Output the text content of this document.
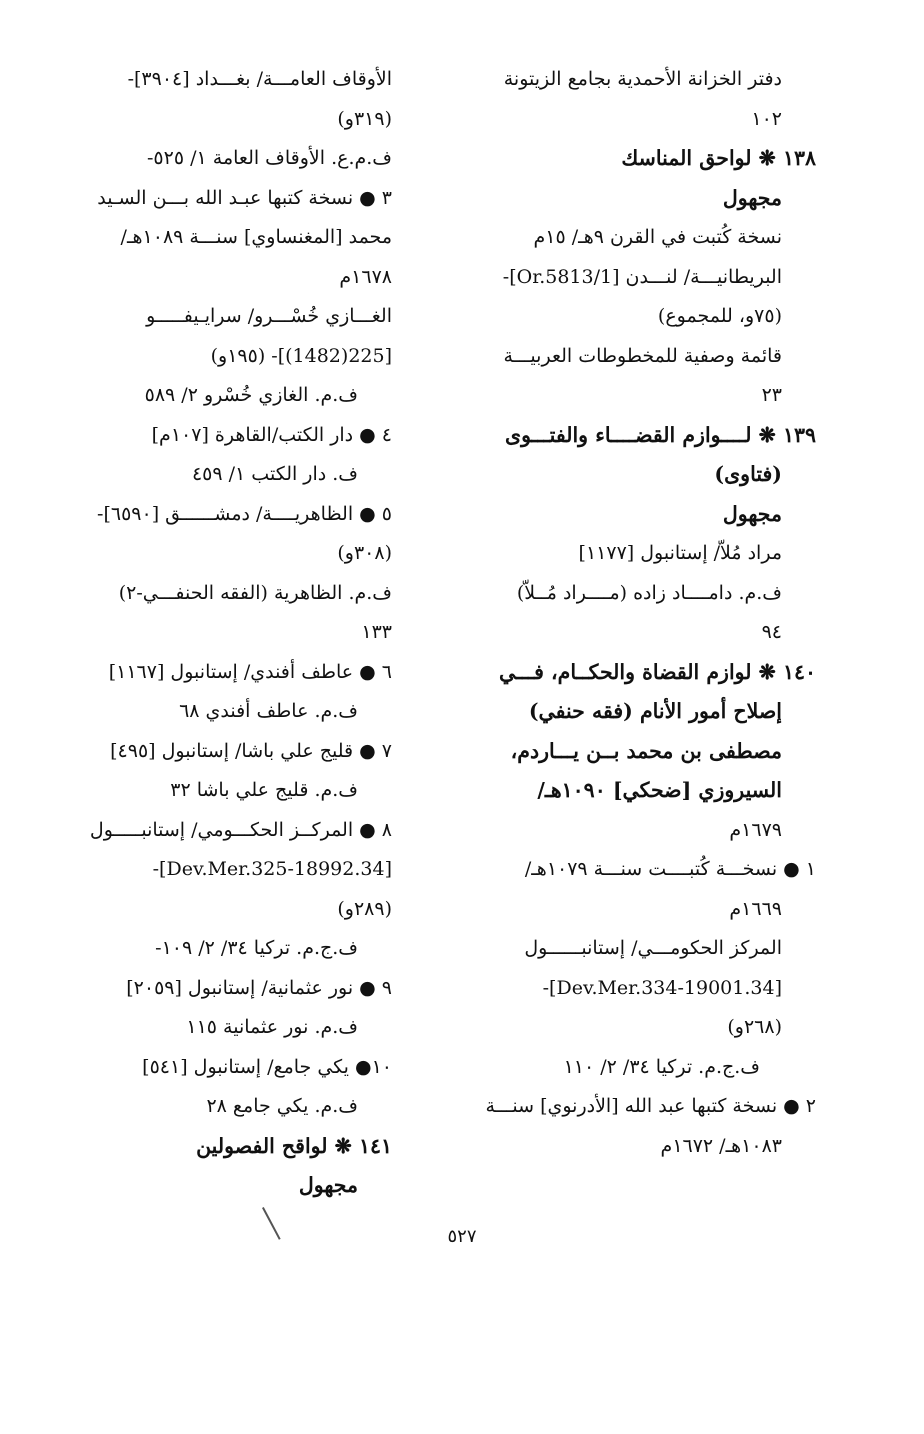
دفتر الخزانة الأحمدية بجامع الزيتونة
١٠٢
١٣٨ ❋ لواحق المناسك
مجهول
نسخة كُتبت في القرن ٩هـ/ ١٥م
البريطانيـــة/ لنـــدن [Or.5813/1]-
(٧٥و، للمجموع)
قائمة وصفية للمخطوطات العربيـــة
٢٣
١٣٩ ❋ لــــوازم القضــــاء والفتـــوى
(فتاوى)
مجهول
مراد مُلاّ/ إستانبول [١١٧٧]
ف.م. دامــــاد زاده (مــــراد مُــلاّ)
٩٤
١٤٠ ❋ لوازم القضاة والحكــام، فـــي
إصلاح أمور الأنام (فقه حنفي)
مصطفى بن محمد بــن يـــاردم،
السيروزي [ضحكي] ١٠٩٠هـ/
١٦٧٩م
١ ● نسخـــة كُتبــــت سنـــة ١٠٧٩هـ/
١٦٦٩م
المركز الحكومـــي/ إستانبــــــول
[34.Dev.Mer.334-19001]-
(٢٦٨و)
ف.ج.م. تركيا ٣٤/ ٢/ ١١٠
٢ ● نسخة كتبها عبد الله [الأدرنوي] سنـــة
١٠٨٣هـ/ ١٦٧٢م
الأوقاف العامـــة/ بغـــداد [٣٩٠٤]-
(٣١٩و)
ف.م.ع. الأوقاف العامة ١/ ٥٢٥-
٣ ● نسخة كتبها عبـد الله بـــن السـيد
محمد [المغنساوي] سنـــة ١٠٨٩هـ/
١٦٧٨م
الغـــازي خُسْـــرو/ سرايـيفـــــو
[225(1482)]- (١٩٥و)
ف.م. الغازي خُسْرو ٢/ ٥٨٩
٤ ● دار الكتب/القاهرة [١٠٧م]
ف. دار الكتب ١/ ٤٥٩
٥ ● الظاهريــــة/ دمشــــــق [٦٥٩٠]-
(٣٠٨و)
ف.م. الظاهرية (الفقه الحنفـــي-٢)
١٣٣
٦ ● عاطف أفندي/ إستانبول [١١٦٧]
ف.م. عاطف أفندي ٦٨
٧ ● قليج علي باشا/ إستانبول [٤٩٥]
ف.م. قليج علي باشا ٣٢
٨ ● المركــز الحكـــومي/ إستانبـــــول
[34.Dev.Mer.325-18992]-
(٢٨٩و)
ف.ج.م. تركيا ٣٤/ ٢/ ١٠٩-
٩ ● نور عثمانية/ إستانبول [٢٠٥٩]
ف.م. نور عثمانية ١١٥
١٠● يكي جامع/ إستانبول [٥٤١]
ف.م. يكي جامع ٢٨
١٤١ ❋ لواقح الفصولين
مجهول
٥٢٧
